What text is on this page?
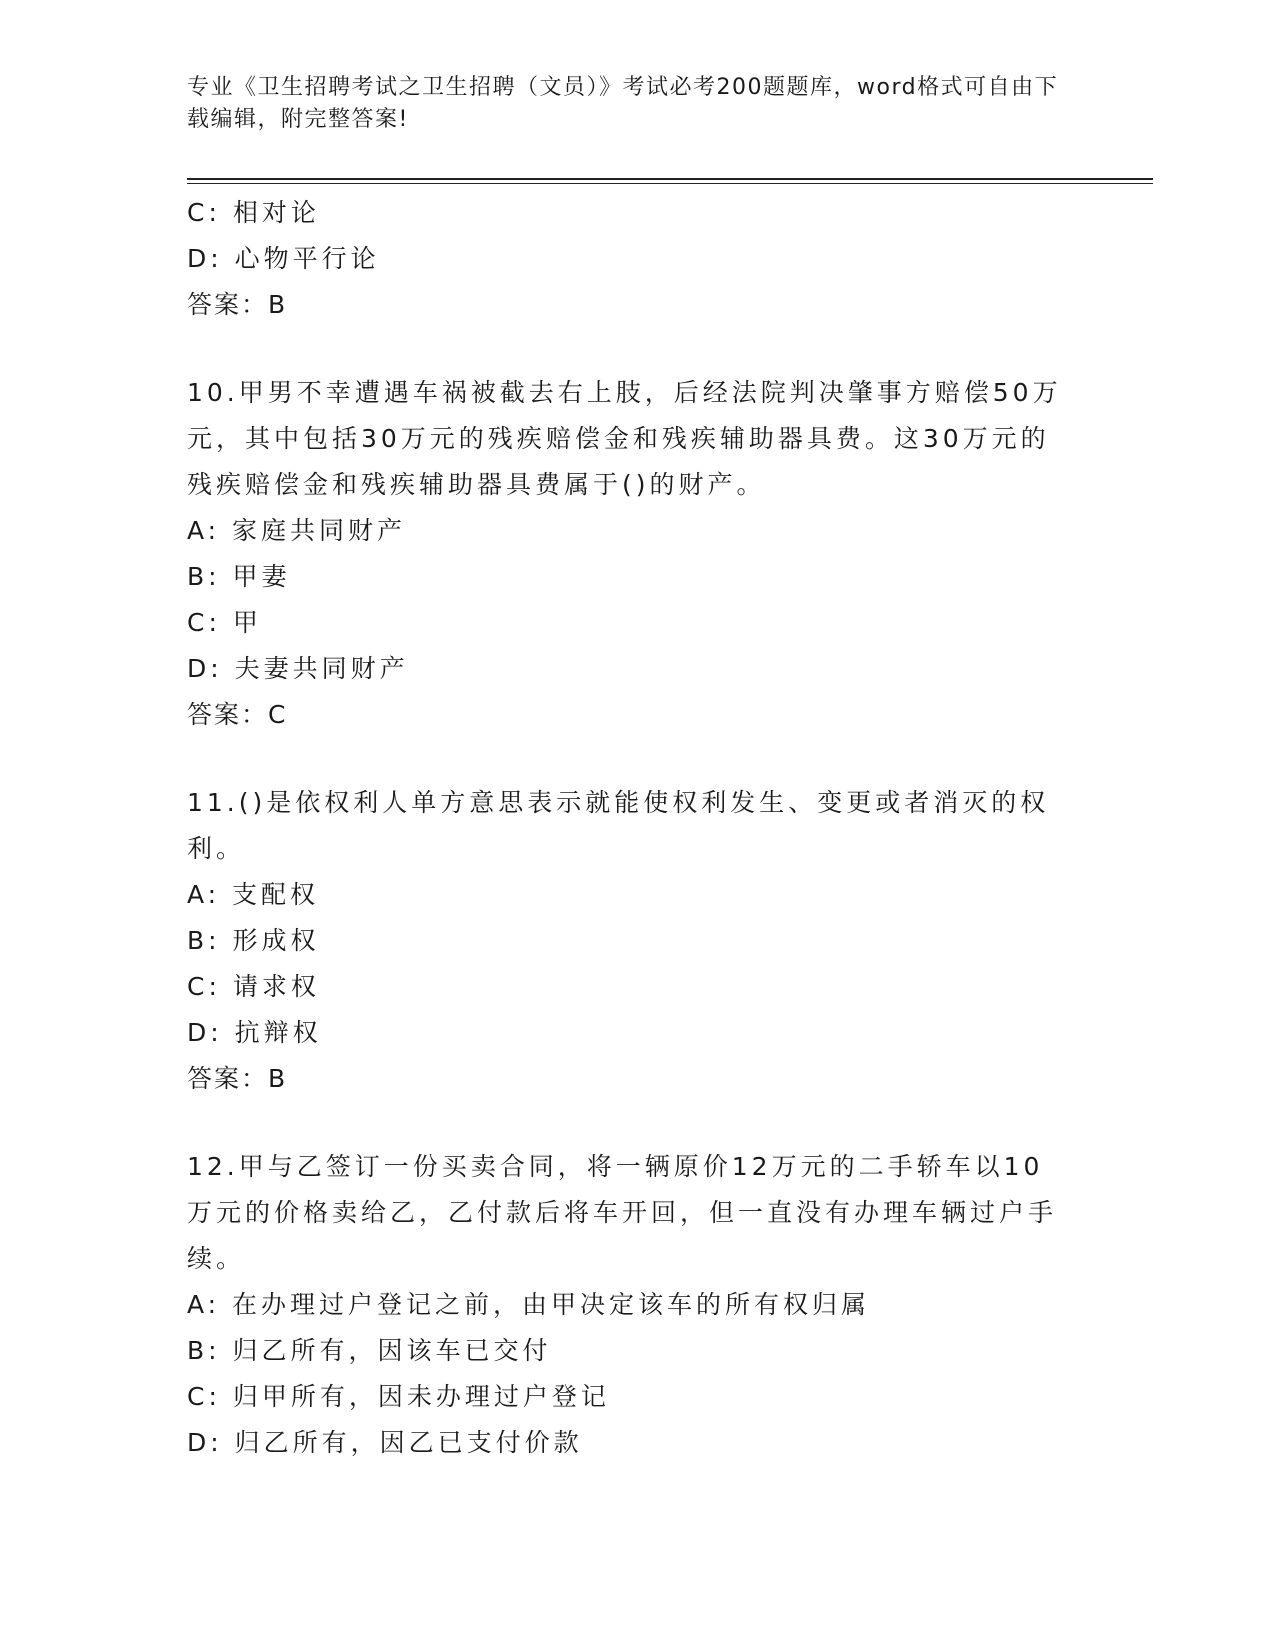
专业《卫生招聘考试之卫生招聘（文员）》考试必考200题题库，word格式可自由下载编辑，附完整答案!
C: 相对论
D: 心物平行论
答案：B
10.甲男不幸遭遇车祸被截去右上肢，后经法院判决肇事方赔偿50万元，其中包括30万元的残疾赔偿金和残疾辅助器具费。这30万元的残疾赔偿金和残疾辅助器具费属于()的财产。
A: 家庭共同财产
B: 甲妻
C: 甲
D: 夫妻共同财产
答案：C
11.()是依权利人单方意思表示就能使权利发生、变更或者消灭的权利。
A: 支配权
B: 形成权
C: 请求权
D: 抗辩权
答案：B
12.甲与乙签订一份买卖合同，将一辆原价12万元的二手轿车以10万元的价格卖给乙，乙付款后将车开回，但一直没有办理车辆过户手续。
A: 在办理过户登记之前，由甲决定该车的所有权归属
B: 归乙所有，因该车已交付
C: 归甲所有，因未办理过户登记
D: 归乙所有，因乙已支付价款
